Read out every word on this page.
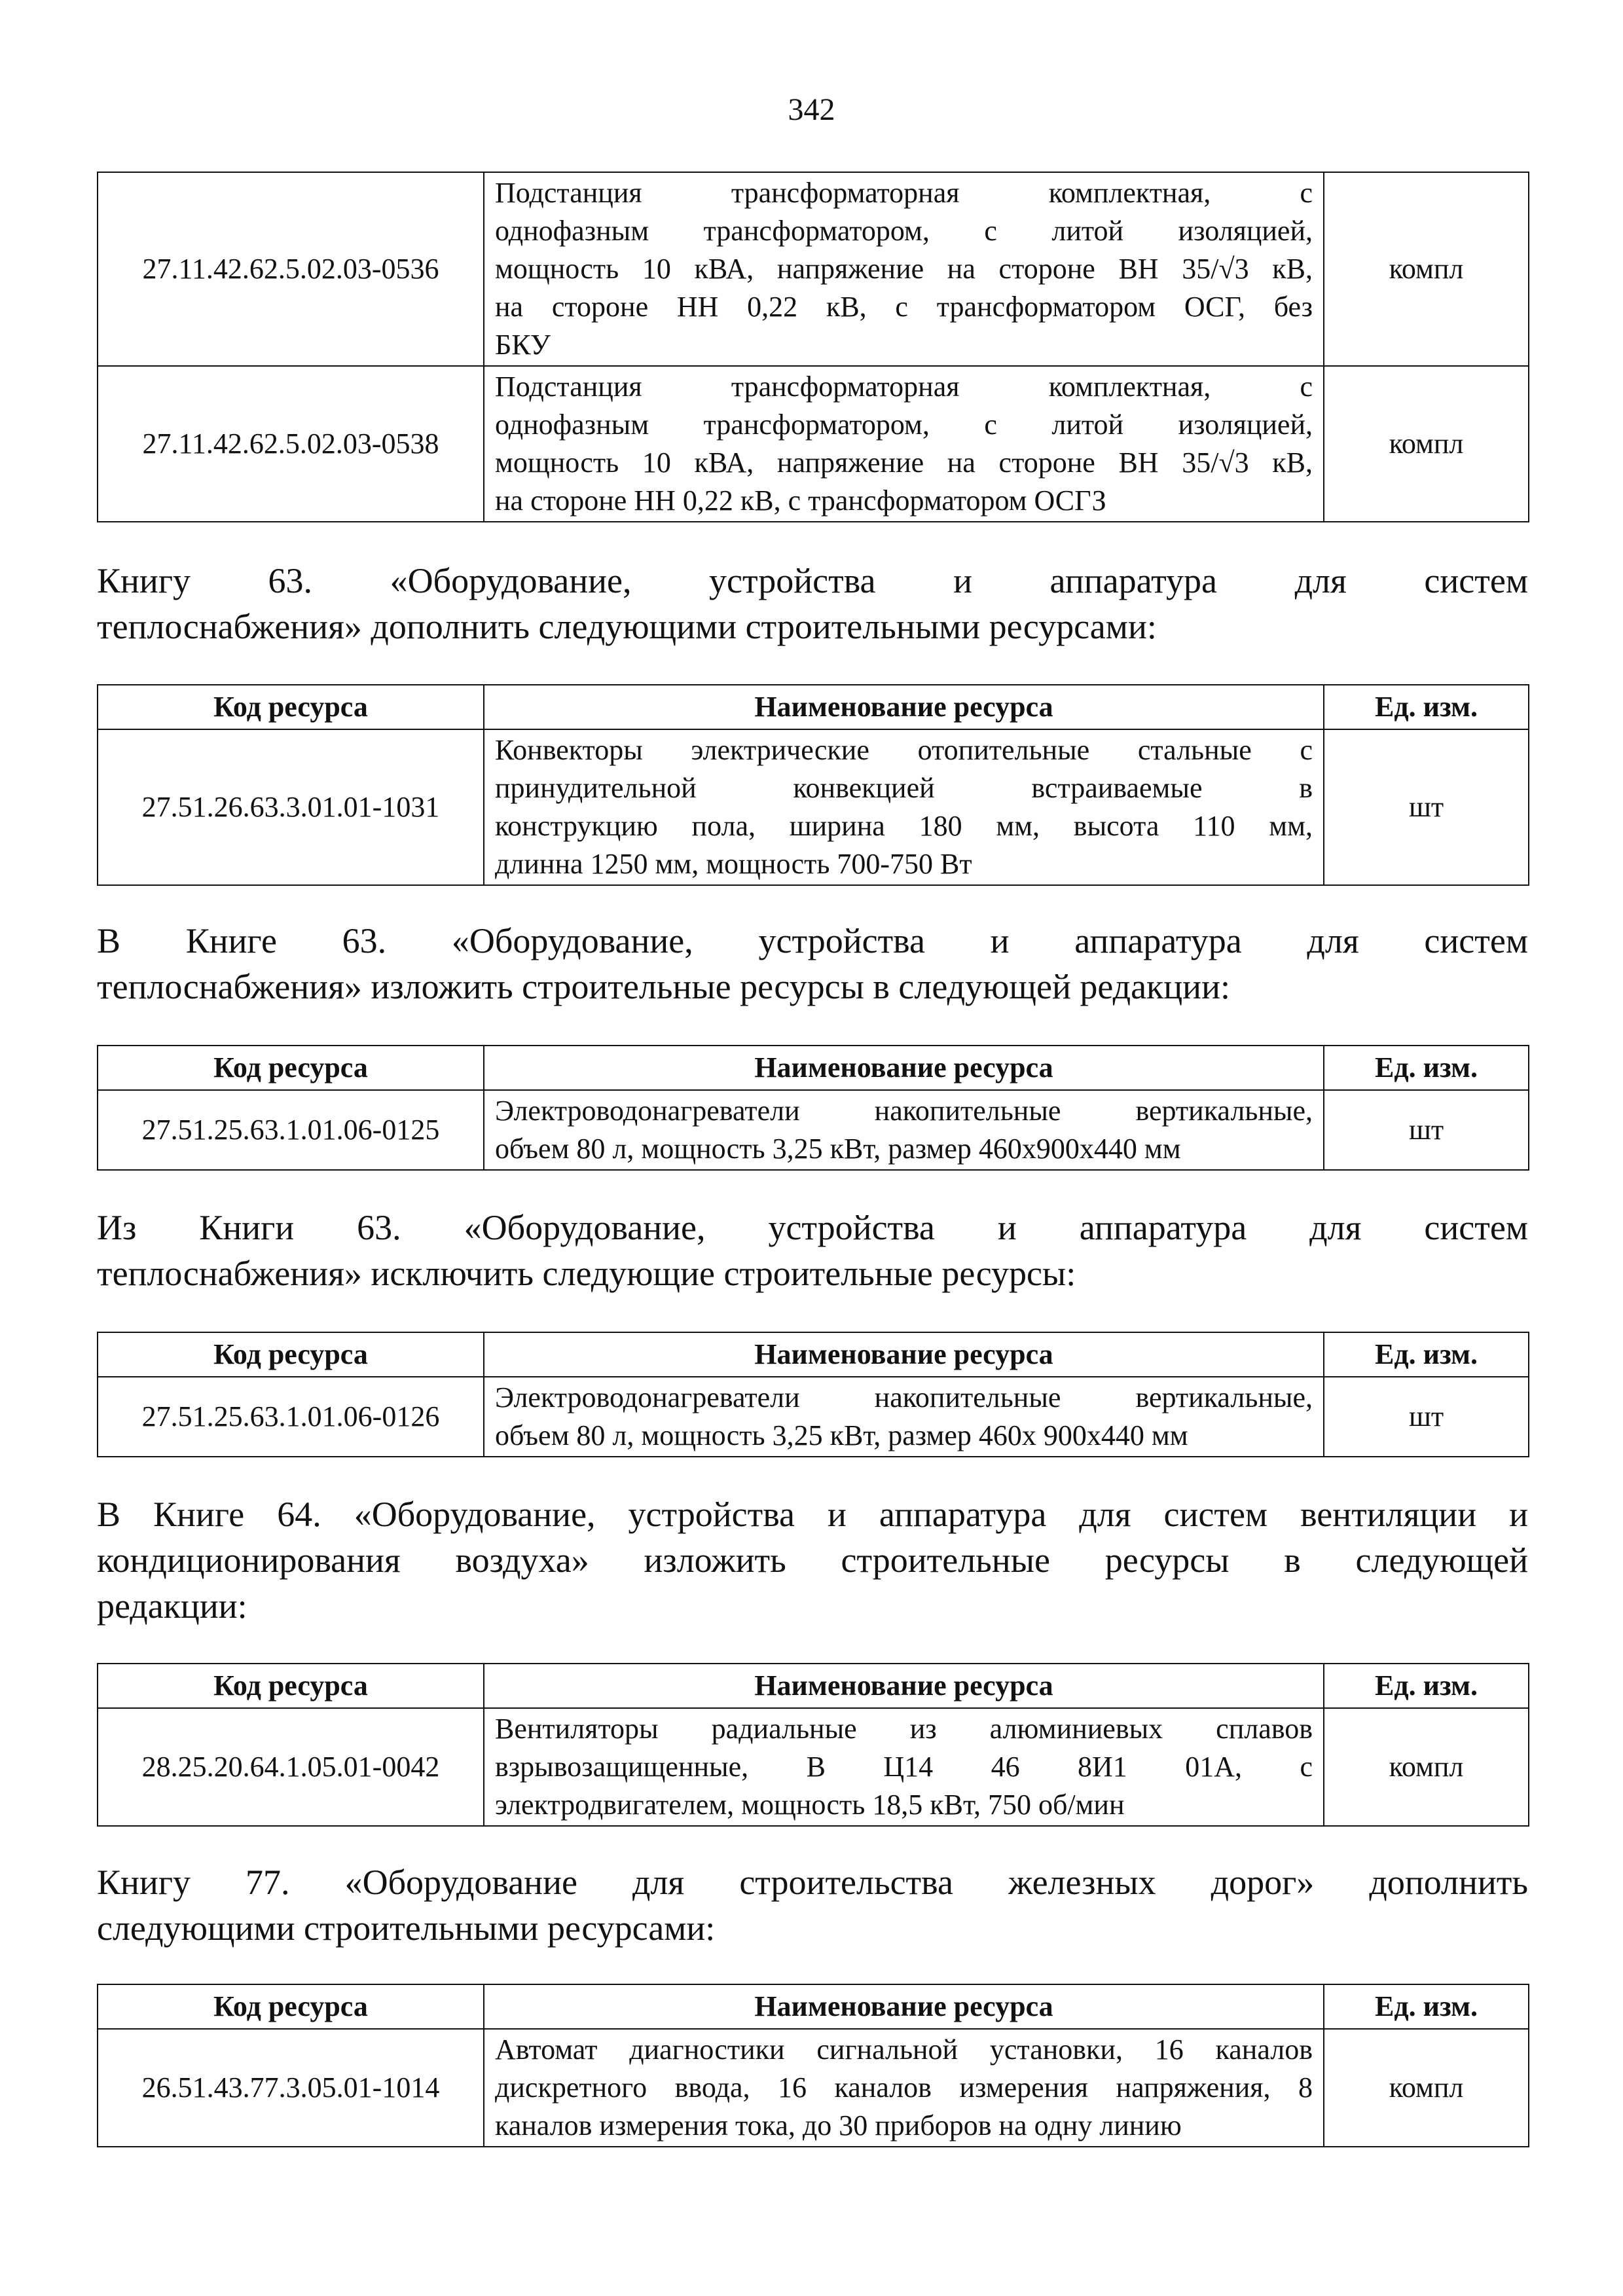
342
27.11.42.62.5.02.03-0536	Подстанция трансформаторная комплектная, с
однофазным трансформатором, с литой изоляцией,
мощность 10 кВА, напряжение на стороне ВН 35/√3 кВ,
на стороне НН 0,22 кВ, с трансформатором ОСГ, без
БКУ	компл
27.11.42.62.5.02.03-0538	Подстанция трансформаторная комплектная, с
однофазным трансформатором, с литой изоляцией,
мощность 10 кВА, напряжение на стороне ВН 35/√3 кВ,
на стороне НН 0,22 кВ, с трансформатором ОСГЗ	компл

Книгу 63. «Оборудование, устройства и аппаратура для систем
теплоснабжения» дополнить следующими строительными ресурсами:

Код ресурса	Наименование ресурса	Ед. изм.
27.51.26.63.3.01.01-1031	Конвекторы электрические отопительные стальные с
принудительной конвекцией встраиваемые в
конструкцию пола, ширина 180 мм, высота 110 мм,
длинна 1250 мм, мощность 700-750 Вт	шт

В Книге 63. «Оборудование, устройства и аппаратура для систем
теплоснабжения» изложить строительные ресурсы в следующей редакции:

Код ресурса	Наименование ресурса	Ед. изм.
27.51.25.63.1.01.06-0125	Электроводонагреватели накопительные вертикальные,
объем 80 л, мощность 3,25 кВт, размер 460x900x440 мм	шт

Из Книги 63. «Оборудование, устройства и аппаратура для систем
теплоснабжения» исключить следующие строительные ресурсы:

Код ресурса	Наименование ресурса	Ед. изм.
27.51.25.63.1.01.06-0126	Электроводонагреватели накопительные вертикальные,
объем 80 л, мощность 3,25 кВт, размер 460x 900x440 мм	шт

В Книге 64. «Оборудование, устройства и аппаратура для систем вентиляции и
кондиционирования воздуха» изложить строительные ресурсы в следующей
редакции:

Код ресурса	Наименование ресурса	Ед. изм.
28.25.20.64.1.05.01-0042	Вентиляторы радиальные из алюминиевых сплавов
взрывозащищенные, В Ц14 46 8И1 01А, с
электродвигателем, мощность 18,5 кВт, 750 об/мин	компл

Книгу 77. «Оборудование для строительства железных дорог» дополнить
следующими строительными ресурсами:

Код ресурса	Наименование ресурса	Ед. изм.
26.51.43.77.3.05.01-1014	Автомат диагностики сигнальной установки, 16 каналов
дискретного ввода, 16 каналов измерения напряжения, 8
каналов измерения тока, до 30 приборов на одну линию	компл
